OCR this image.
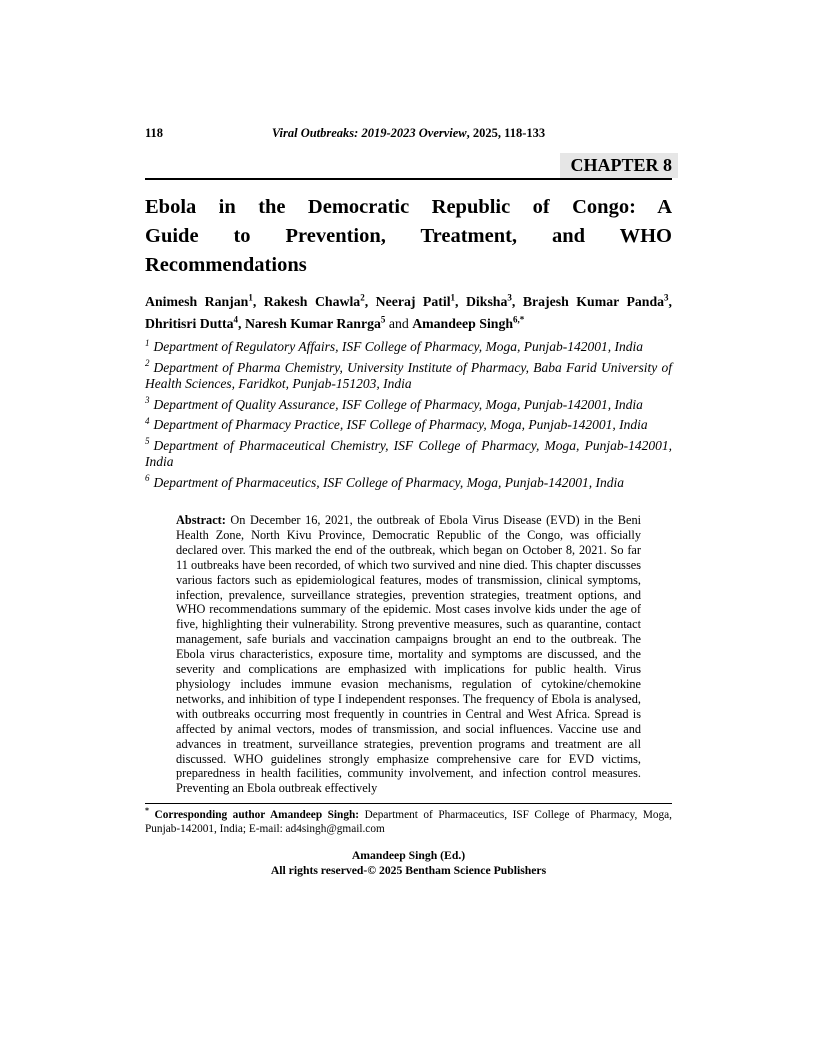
118	Viral Outbreaks: 2019-2023 Overview, 2025, 118-133
CHAPTER 8
Ebola in the Democratic Republic of Congo: A
Guide to Prevention, Treatment, and WHO
Recommendations

Animesh Ranjan$^1$, Rakesh Chawla$^2$, Neeraj Patil$^1$, Diksha$^3$, Brajesh Kumar Panda$^3$, Dhritisri Dutta$^4$, Naresh Kumar Ranrga$^5$ and Amandeep Singh$^{6,*}$

$^1$ Department of Regulatory Affairs, ISF College of Pharmacy, Moga, Punjab-142001, India

$^2$ Department of Pharma Chemistry, University Institute of Pharmacy, Baba Farid University of Health Sciences, Faridkot, Punjab-151203, India

$^3$ Department of Quality Assurance, ISF College of Pharmacy, Moga, Punjab-142001, India

$^4$ Department of Pharmacy Practice, ISF College of Pharmacy, Moga, Punjab-142001, India

$^5$ Department of Pharmaceutical Chemistry, ISF College of Pharmacy, Moga, Punjab-142001, India

$^6$ Department of Pharmaceutics, ISF College of Pharmacy, Moga, Punjab-142001, India

Abstract: On December 16, 2021, the outbreak of Ebola Virus Disease (EVD) in the Beni Health Zone, North Kivu Province, Democratic Republic of the Congo, was officially declared over. This marked the end of the outbreak, which began on October 8, 2021. So far 11 outbreaks have been recorded, of which two survived and nine died. This chapter discusses various factors such as epidemiological features, modes of transmission, clinical symptoms, infection, prevalence, surveillance strategies, prevention strategies, treatment options, and WHO recommendations summary of the epidemic. Most cases involve kids under the age of five, highlighting their vulnerability. Strong preventive measures, such as quarantine, contact management, safe burials and vaccination campaigns brought an end to the outbreak. The Ebola virus characteristics, exposure time, mortality and symptoms are discussed, and the severity and complications are emphasized with implications for public health. Virus physiology includes immune evasion mechanisms, regulation of cytokine/chemokine networks, and inhibition of type I independent responses. The frequency of Ebola is analysed, with outbreaks occurring most frequently in countries in Central and West Africa. Spread is affected by animal vectors, modes of transmission, and social influences. Vaccine use and advances in treatment, surveillance strategies, prevention programs and treatment are all discussed. WHO guidelines strongly emphasize comprehensive care for EVD victims, preparedness in health facilities, community involvement, and infection control measures. Preventing an Ebola outbreak effectively

* Corresponding author Amandeep Singh: Department of Pharmaceutics, ISF College of Pharmacy, Moga, Punjab-142001, India; E-mail: ad4singh@gmail.com

Amandeep Singh (Ed.)
All rights reserved-© 2025 Bentham Science Publishers
